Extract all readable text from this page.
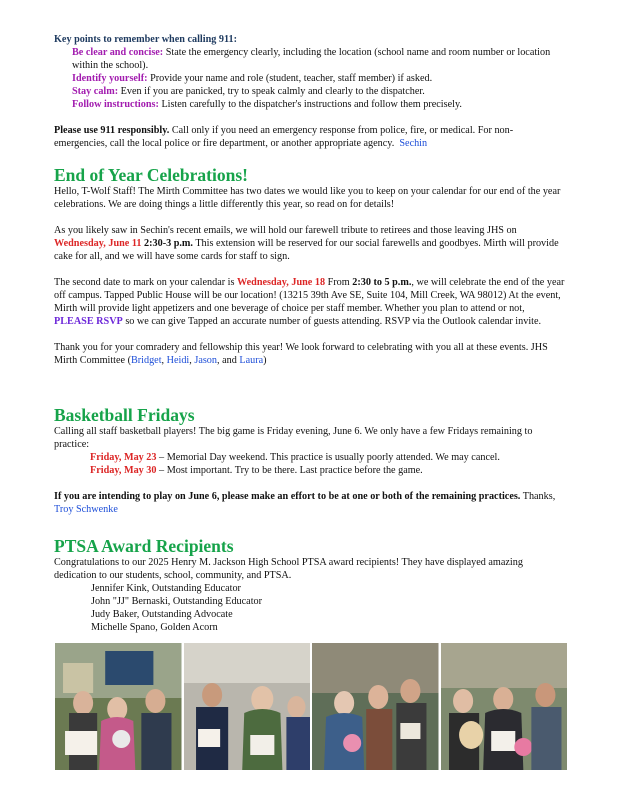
Key points to remember when calling 911:

Be clear and concise: State the emergency clearly, including the location (school name and room number or location within the school).
Identify yourself: Provide your name and role (student, teacher, staff member) if asked.
Stay calm: Even if you are panicked, try to speak calmly and clearly to the dispatcher.
Follow instructions: Listen carefully to the dispatcher's instructions and follow them precisely.

Please use 911 responsibly. Call only if you need an emergency response from police, fire, or medical. For non-emergencies, call the local police or fire department, or another appropriate agency. Sechin

End of Year Celebrations!

Hello, T-Wolf Staff! The Mirth Committee has two dates we would like you to keep on your calendar for our end of the year celebrations. We are doing things a little differently this year, so read on for details!

As you likely saw in Sechin's recent emails, we will hold our farewell tribute to retirees and those leaving JHS on Wednesday, June 11 2:30-3 p.m. This extension will be reserved for our social farewells and goodbyes. Mirth will provide cake for all, and we will have some cards for staff to sign.

The second date to mark on your calendar is Wednesday, June 18 From 2:30 to 5 p.m., we will celebrate the end of the year off campus. Tapped Public House will be our location! (13215 39th Ave SE, Suite 104, Mill Creek, WA 98012) At the event, Mirth will provide light appetizers and one beverage of choice per staff member. Whether you plan to attend or not, PLEASE RSVP so we can give Tapped an accurate number of guests attending. RSVP via the Outlook calendar invite.

Thank you for your comradery and fellowship this year! We look forward to celebrating with you all at these events. JHS Mirth Committee (Bridget, Heidi, Jason, and Laura)

Basketball Fridays

Calling all staff basketball players! The big game is Friday evening, June 6. We only have a few Fridays remaining to practice:

Friday, May 23 – Memorial Day weekend. This practice is usually poorly attended. We may cancel.
Friday, May 30 – Most important. Try to be there. Last practice before the game.

If you are intending to play on June 6, please make an effort to be at one or both of the remaining practices. Thanks, Troy Schwenke

PTSA Award Recipients

Congratulations to our 2025 Henry M. Jackson High School PTSA award recipients! They have displayed amazing dedication to our students, school, community, and PTSA.

Jennifer Kink, Outstanding Educator

John "JJ" Bernaski, Outstanding Educator

Judy Baker, Outstanding Advocate

Michelle Spano, Golden Acorn
